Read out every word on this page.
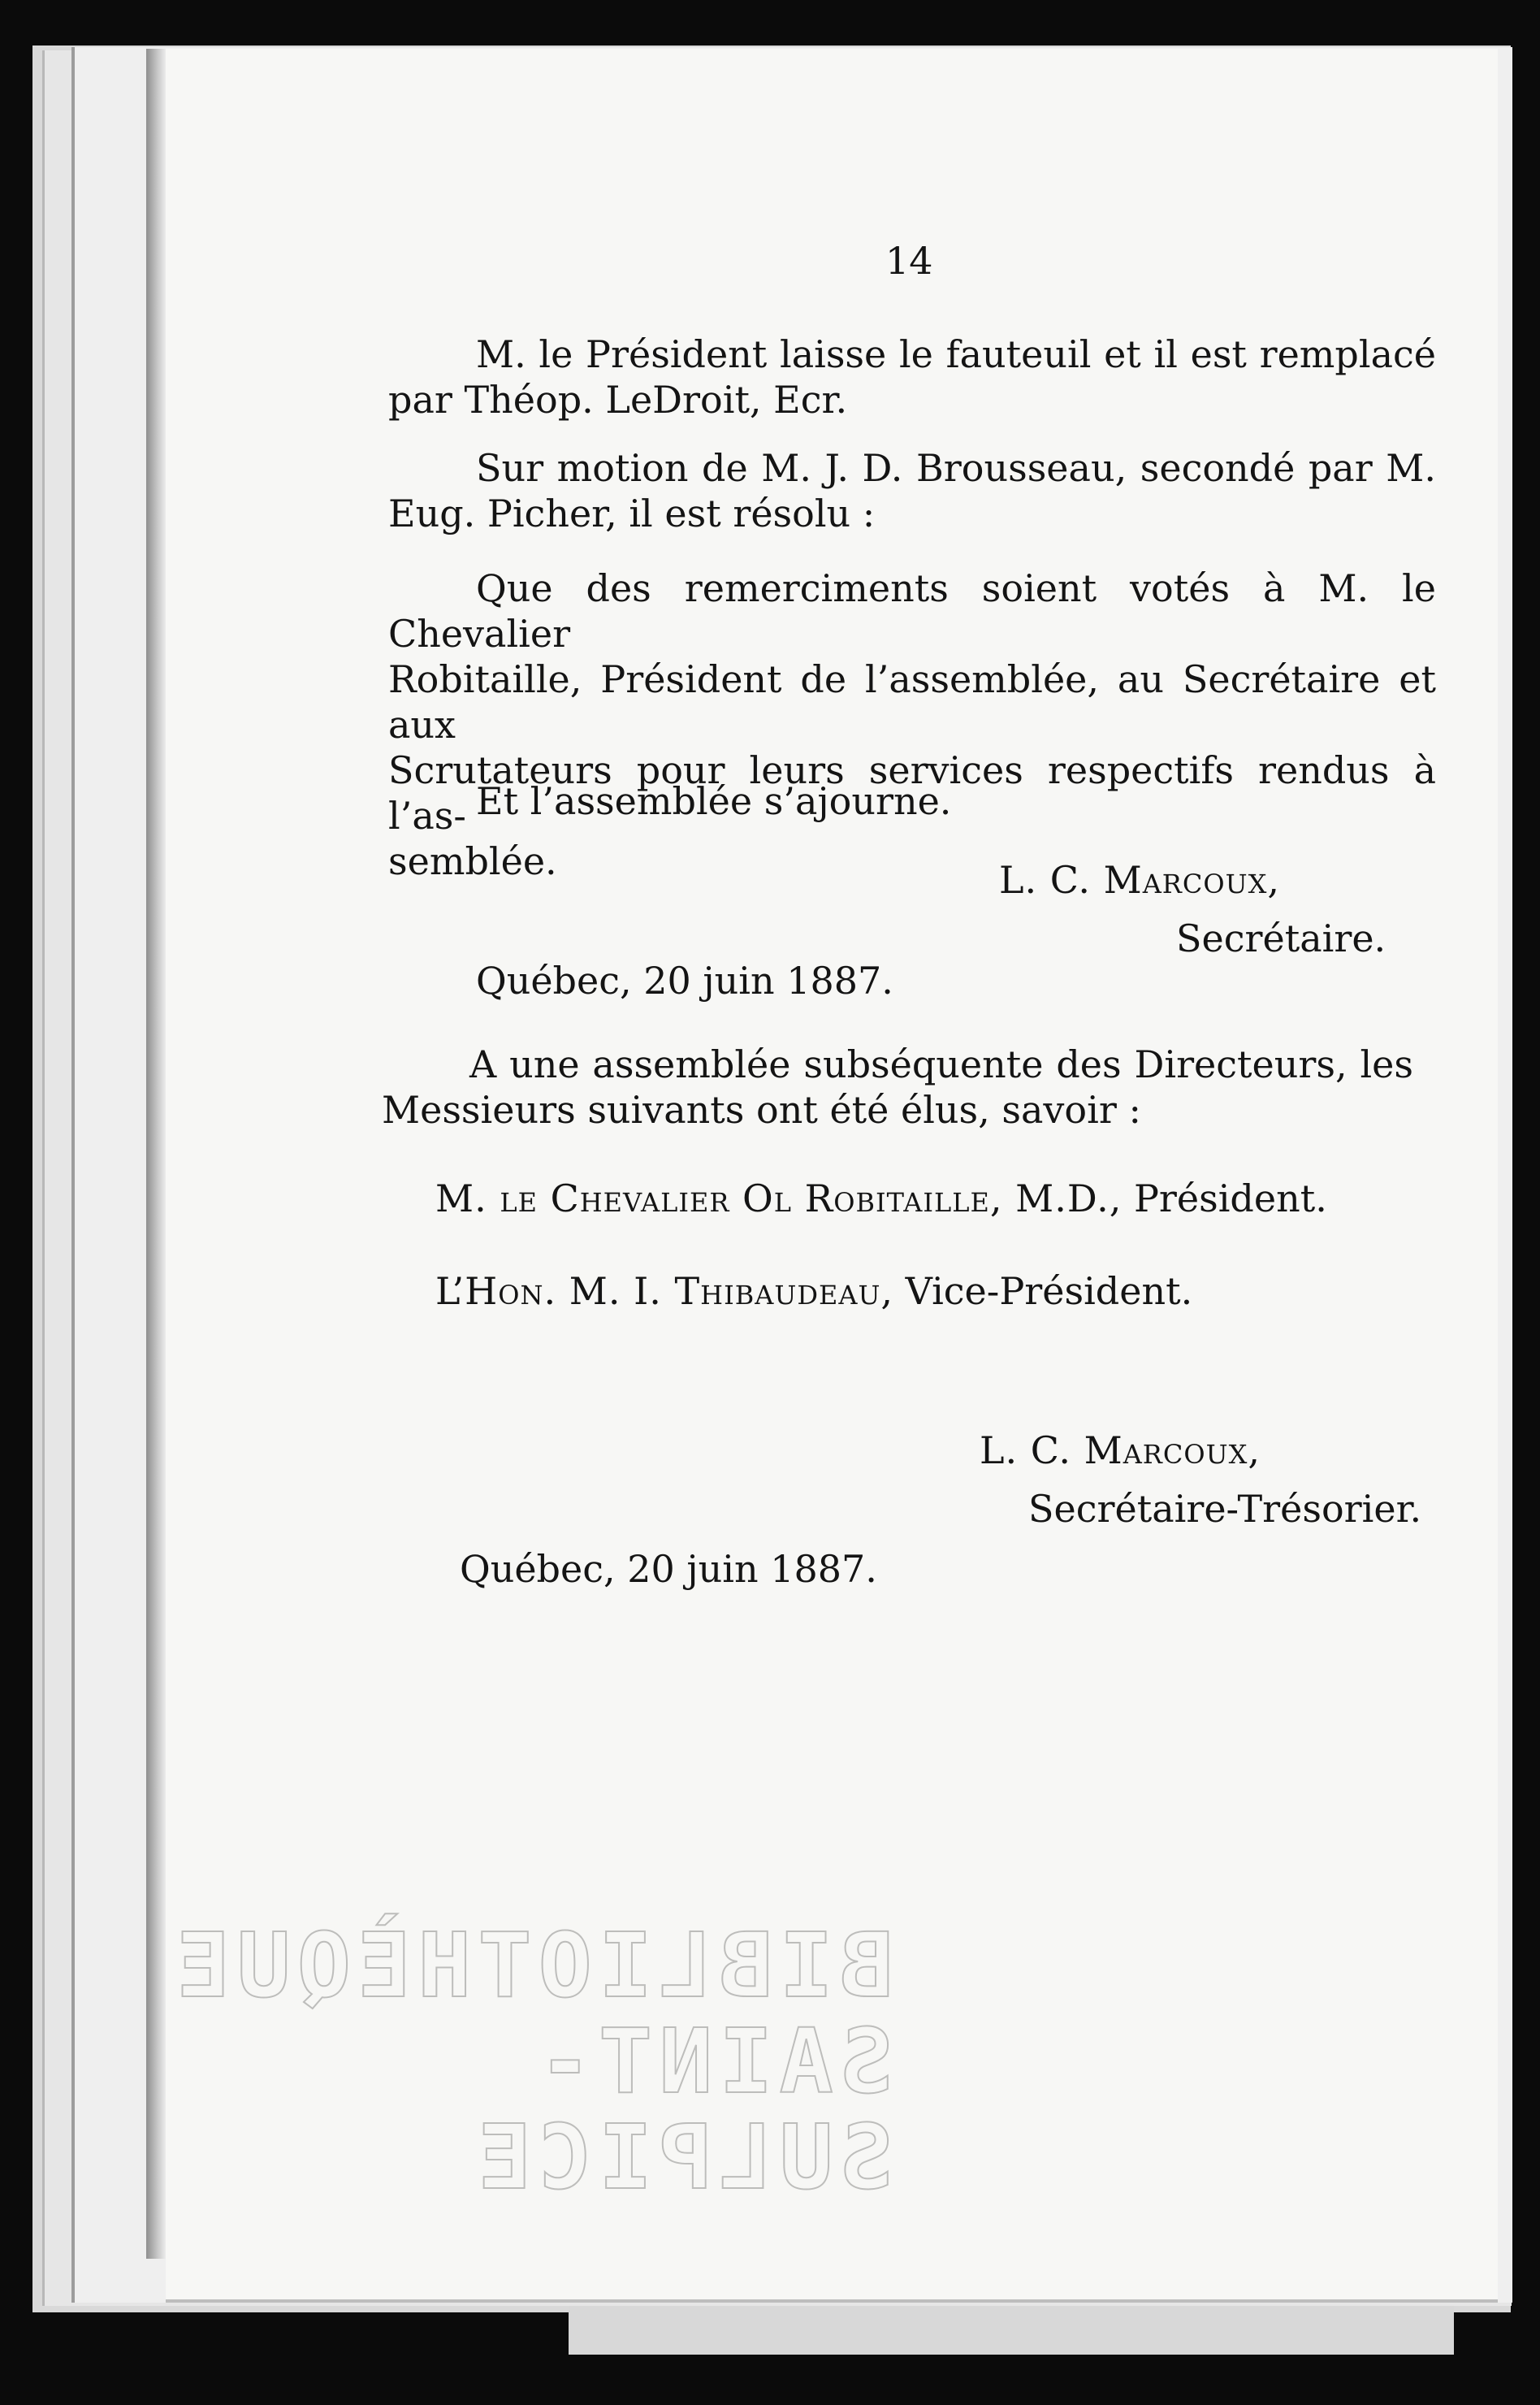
14
M. le Président laisse le fauteuil et il est remplacé
par Théop. LeDroit, Ecr.
Sur motion de M. J. D. Brousseau, secondé par M.
Eug. Picher, il est résolu :
Que des remerciments soient votés à M. le Chevalier
Robitaille, Président de l’assemblée, au Secrétaire et aux
Scrutateurs pour leurs services respectifs rendus à l’as-
semblée.
Et l’assemblée s’ajourne.
L. C. Marcoux,
Secrétaire.
Québec, 20 juin 1887.
A une assemblée subséquente des Directeurs, les
Messieurs suivants ont été élus, savoir :
M. le Chevalier Ol Robitaille, M.D., Président.
L’Hon. M. I. Thibaudeau, Vice-Président.
L. C. Marcoux,
Secrétaire-Trésorier.
Québec, 20 juin 1887.
BIBLIOTHÈQUE
SAINT-SULPICE
